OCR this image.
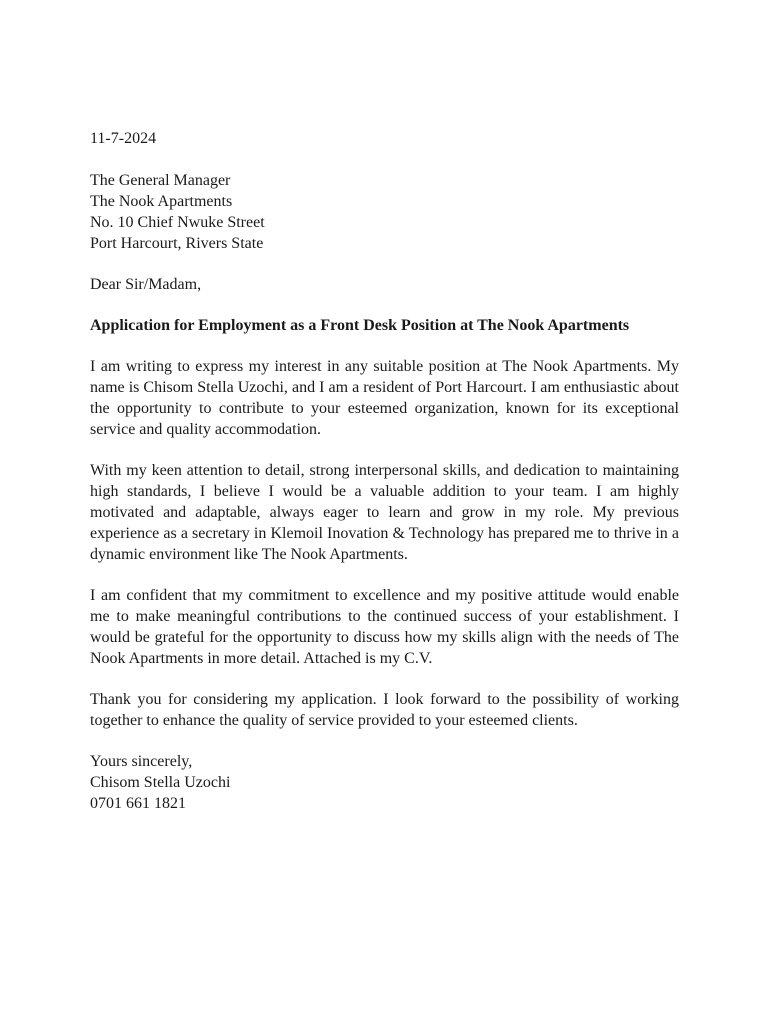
11-7-2024
The General Manager
The Nook Apartments
No. 10 Chief Nwuke Street
Port Harcourt, Rivers State
Dear Sir/Madam,
Application for Employment as a Front Desk Position at The Nook Apartments

I am writing to express my interest in any suitable position at The Nook Apartments. My name is Chisom Stella Uzochi, and I am a resident of Port Harcourt. I am enthusiastic about the opportunity to contribute to your esteemed organization, known for its exceptional service and quality accommodation.

With my keen attention to detail, strong interpersonal skills, and dedication to maintaining high standards, I believe I would be a valuable addition to your team. I am highly motivated and adaptable, always eager to learn and grow in my role. My previous experience as a secretary in Klemoil Inovation & Technology has prepared me to thrive in a dynamic environment like The Nook Apartments.

I am confident that my commitment to excellence and my positive attitude would enable me to make meaningful contributions to the continued success of your establishment. I would be grateful for the opportunity to discuss how my skills align with the needs of The Nook Apartments in more detail. Attached is my C.V.

Thank you for considering my application. I look forward to the possibility of working together to enhance the quality of service provided to your esteemed clients.

Yours sincerely,
Chisom Stella Uzochi
0701 661 1821
